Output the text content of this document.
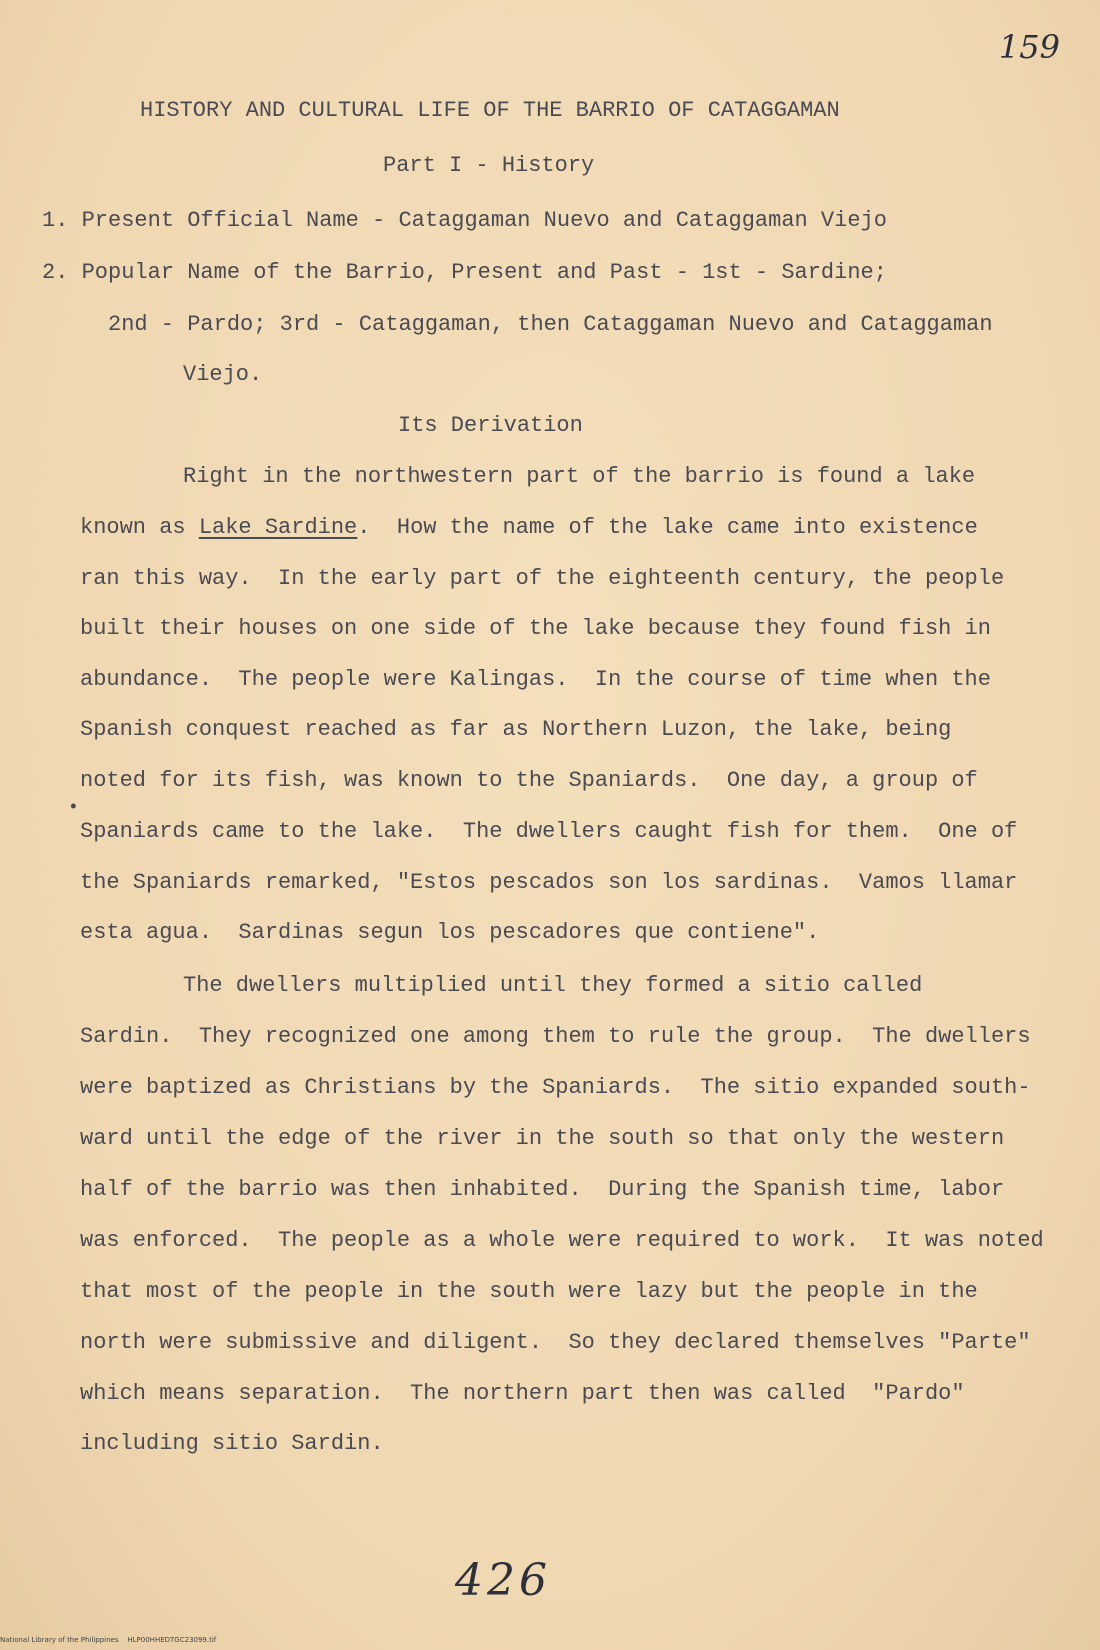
159
HISTORY AND CULTURAL LIFE OF THE BARRIO OF CATAGGAMAN
Part I - History
1. Present Official Name - Cataggaman Nuevo and Cataggaman Viejo
2. Popular Name of the Barrio, Present and Past - 1st - Sardine;
2nd - Pardo; 3rd - Cataggaman, then Cataggaman Nuevo and Cataggaman
Viejo.
Its Derivation
Right in the northwestern part of the barrio is found a lake
known as Lake Sardine.  How the name of the lake came into existence
ran this way.  In the early part of the eighteenth century, the people
built their houses on one side of the lake because they found fish in
abundance.  The people were Kalingas.  In the course of time when the
Spanish conquest reached as far as Northern Luzon, the lake, being
•
noted for its fish, was known to the Spaniards.  One day, a group of
Spaniards came to the lake.  The dwellers caught fish for them.  One of
the Spaniards remarked, "Estos pescados son los sardinas.  Vamos llamar
esta agua.  Sardinas segun los pescadores que contiene".
The dwellers multiplied until they formed a sitio called
Sardin.  They recognized one among them to rule the group.  The dwellers
were baptized as Christians by the Spaniards.  The sitio expanded south-
ward until the edge of the river in the south so that only the western
half of the barrio was then inhabited.  During the Spanish time, labor
was enforced.  The people as a whole were required to work.  It was noted
that most of the people in the south were lazy but the people in the
north were submissive and diligent.  So they declared themselves "Parte"
which means separation.  The northern part then was called  "Pardo"
including sitio Sardin.
426
National Library of the Philippines    HLP00HHEDTGC23099.tif
